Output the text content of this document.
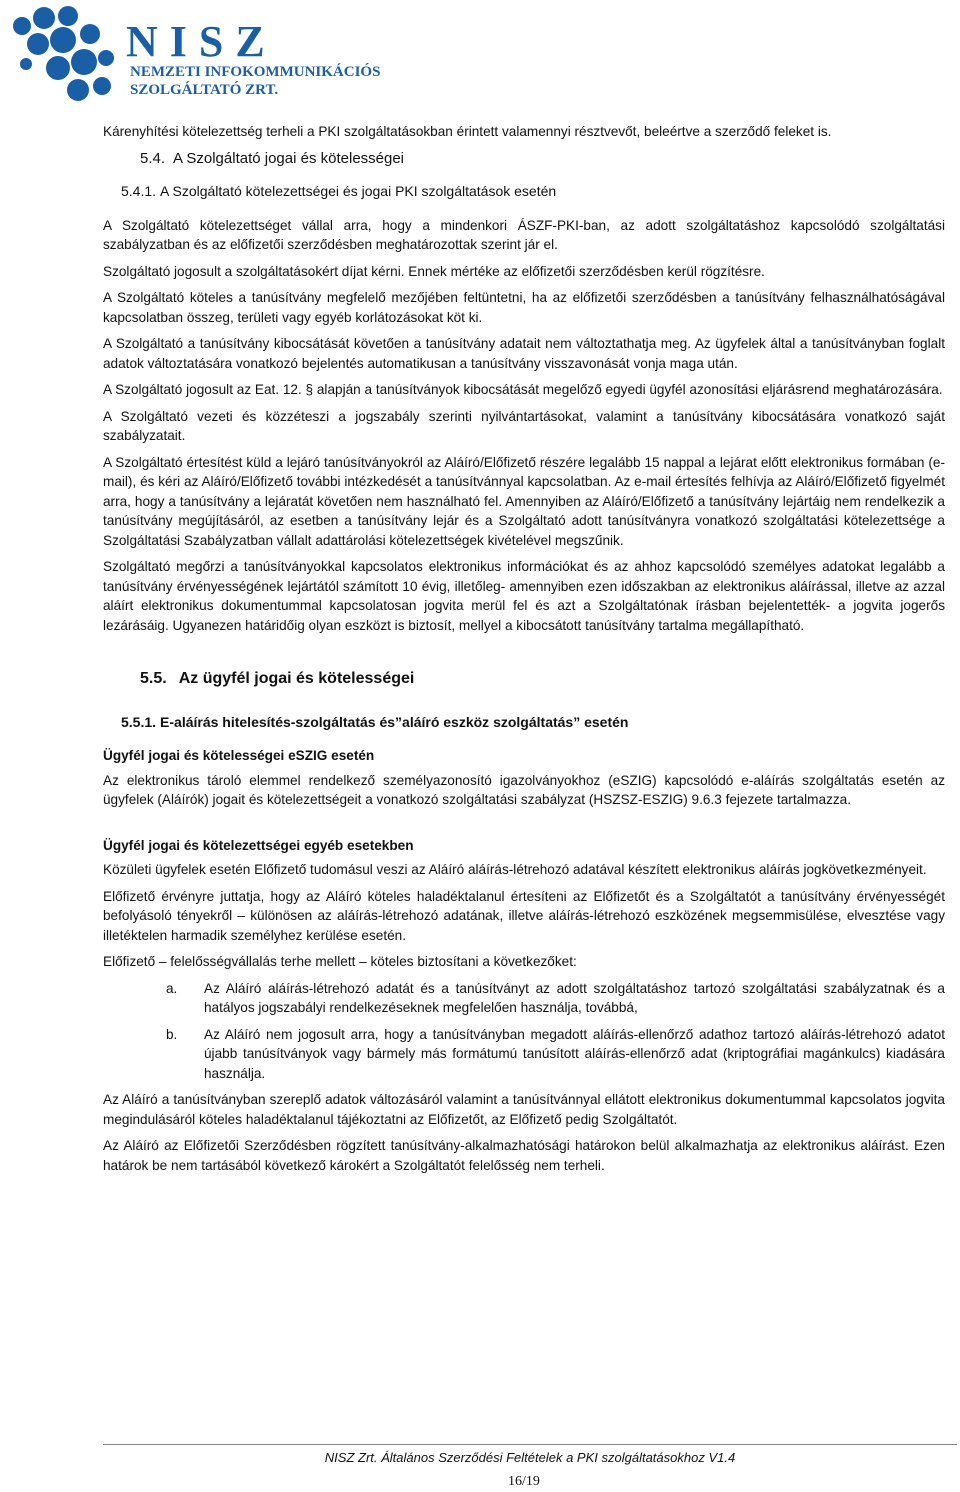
NISZ
NEMZETI INFOKOMMUNIKÁCIÓS
SZOLGÁLTATÓ ZRT.

Kárenyhítési kötelezettség terheli a PKI szolgáltatásokban érintett valamennyi résztvevőt, beleértve a szerződő feleket is.

5.4. A Szolgáltató jogai és kötelességei
5.4.1. A Szolgáltató kötelezettségei és jogai PKI szolgáltatások esetén

A Szolgáltató kötelezettséget vállal arra, hogy a mindenkori ÁSZF-PKI-ban, az adott szolgáltatáshoz kapcsolódó szolgáltatási szabályzatban és az előfizetői szerződésben meghatározottak szerint jár el.

Szolgáltató jogosult a szolgáltatásokért díjat kérni. Ennek mértéke az előfizetői szerződésben kerül rögzítésre.

A Szolgáltató köteles a tanúsítvány megfelelő mezőjében feltüntetni, ha az előfizetői szerződésben a tanúsítvány felhasználhatóságával kapcsolatban összeg, területi vagy egyéb korlátozásokat köt ki.

A Szolgáltató a tanúsítvány kibocsátását követően a tanúsítvány adatait nem változtathatja meg. Az ügyfelek által a tanúsítványban foglalt adatok változtatására vonatkozó bejelentés automatikusan a tanúsítvány visszavonását vonja maga után.

A Szolgáltató jogosult az Eat. 12. § alapján a tanúsítványok kibocsátását megelőző egyedi ügyfél azonosítási eljárásrend meghatározására.

A Szolgáltató vezeti és közzéteszi a jogszabály szerinti nyilvántartásokat, valamint a tanúsítvány kibocsátására vonatkozó saját szabályzatait.

A Szolgáltató értesítést küld a lejáró tanúsítványokról az Aláíró/Előfizető részére legalább 15 nappal a lejárat előtt elektronikus formában (e-mail), és kéri az Aláíró/Előfizető további intézkedését a tanúsítvánnyal kapcsolatban. Az e-mail értesítés felhívja az Aláíró/Előfizető figyelmét arra, hogy a tanúsítvány a lejáratát követően nem használható fel. Amennyiben az Aláíró/Előfizető a tanúsítvány lejártáig nem rendelkezik a tanúsítvány megújításáról, az esetben a tanúsítvány lejár és a Szolgáltató adott tanúsítványra vonatkozó szolgáltatási kötelezettsége a Szolgáltatási Szabályzatban vállalt adattárolási kötelezettségek kivételével megszűnik.

Szolgáltató megőrzi a tanúsítványokkal kapcsolatos elektronikus információkat és az ahhoz kapcsolódó személyes adatokat legalább a tanúsítvány érvényességének lejártától számított 10 évig, illetőleg- amennyiben ezen időszakban az elektronikus aláírással, illetve az azzal aláírt elektronikus dokumentummal kapcsolatosan jogvita merül fel és azt a Szolgáltatónak írásban bejelentették- a jogvita jogerős lezárásáig. Ugyanezen határidőig olyan eszközt is biztosít, mellyel a kibocsátott tanúsítvány tartalma megállapítható.

5.5. Az ügyfél jogai és kötelességei
5.5.1. E-aláírás hitelesítés-szolgáltatás és”aláíró eszköz szolgáltatás” esetén
Ügyfél jogai és kötelességei eSZIG esetén

Az elektronikus tároló elemmel rendelkező személyazonosító igazolványokhoz (eSZIG) kapcsolódó e-aláírás szolgáltatás esetén az ügyfelek (Aláírók) jogait és kötelezettségeit a vonatkozó szolgáltatási szabályzat (HSZSZ-ESZIG) 9.6.3 fejezete tartalmazza.

Ügyfél jogai és kötelezettségei egyéb esetekben

Közületi ügyfelek esetén Előfizető tudomásul veszi az Aláíró aláírás-létrehozó adatával készített elektronikus aláírás jogkövetkezményeit.

Előfizető érvényre juttatja, hogy az Aláíró köteles haladéktalanul értesíteni az Előfizetőt és a Szolgáltatót a tanúsítvány érvényességét befolyásoló tényekről – különösen az aláírás-létrehozó adatának, illetve aláírás-létrehozó eszközének megsemmisülése, elvesztése vagy illetéktelen harmadik személyhez kerülése esetén.

Előfizető – felelősségvállalás terhe mellett – köteles biztosítani a következőket:

a. Az Aláíró aláírás-létrehozó adatát és a tanúsítványt az adott szolgáltatáshoz tartozó szolgáltatási szabályzatnak és a hatályos jogszabályi rendelkezéseknek megfelelően használja, továbbá,
b. Az Aláíró nem jogosult arra, hogy a tanúsítványban megadott aláírás-ellenőrző adathoz tartozó aláírás-létrehozó adatot újabb tanúsítványok vagy bármely más formátumú tanúsított aláírás-ellenőrző adat (kriptográfiai magánkulcs) kiadására használja.

Az Aláíró a tanúsítványban szereplő adatok változásáról valamint a tanúsítvánnyal ellátott elektronikus dokumentummal kapcsolatos jogvita megindulásáról köteles haladéktalanul tájékoztatni az Előfizetőt, az Előfizető pedig Szolgáltatót.

Az Aláíró az Előfizetői Szerződésben rögzített tanúsítvány-alkalmazhatósági határokon belül alkalmazhatja az elektronikus aláírást. Ezen határok be nem tartásából következő károkért a Szolgáltatót felelősség nem terheli.

NISZ Zrt. Általános Szerződési Feltételek a PKI szolgáltatásokhoz V1.4
16/19
